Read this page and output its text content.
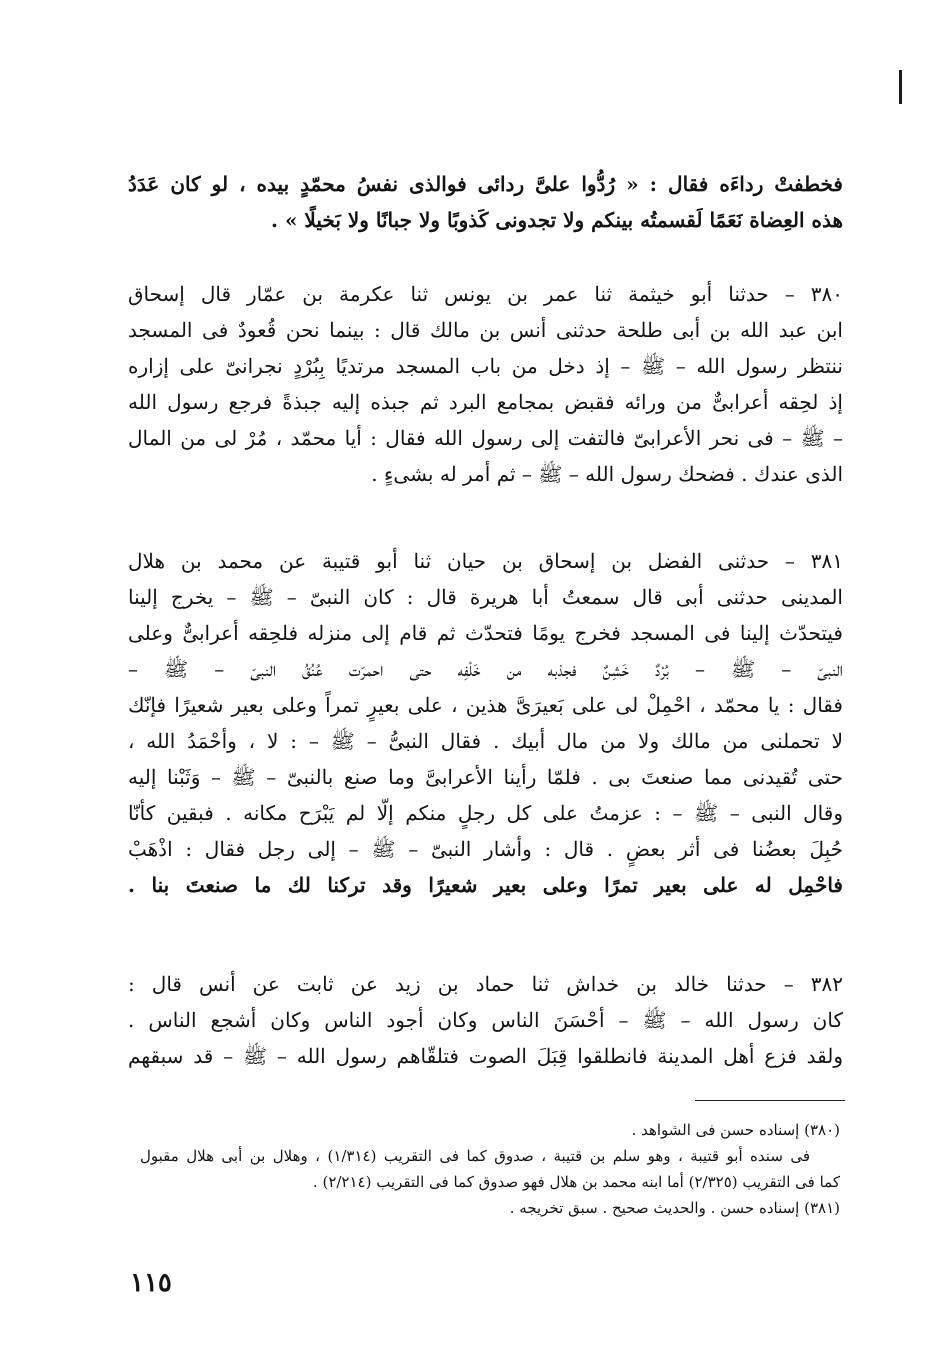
فخطفتْ رداءَه فقال : « رُدُّوا علىَّ ردائى فوالذى نفسُ محمّدٍ بيده ، لو كان عَدَدُ
هذه العِضاة نَعَمًا لَقسمتُه بينكم ولا تجدونى كَذوبًا ولا جبانًا ولا بَخيلًا » .
٣٨٠ – حدثنا أبو خيثمة ثنا عمر بن يونس ثنا عكرمة بن عمّار قال إسحاق
ابن عبد الله بن أبى طلحة حدثنى أنس بن مالك قال : بينما نحن قُعودٌ فى المسجد
ننتظر رسول الله – ﷺ – إذ دخل من باب المسجد مرتديًا بِبُرْدٍ نجرانىّ على إزاره
إذ لحِقه أعرابىٌّ من ورائه فقبض بمجامع البرد ثم جبذه إليه جبذةً فرجع رسول الله
– ﷺ – فى نحر الأعرابىّ فالتفت إلى رسول الله فقال : أيا محمّد ، مُرْ لى من المال
الذى عندك . فضحك رسول الله – ﷺ – ثم أمر له بشىءٍ .
٣٨١ – حدثنى الفضل بن إسحاق بن حيان ثنا أبو قتيبة عن محمد بن هلال
المدينى حدثنى أبى قال سمعتُ أبا هريرة قال : كان النبىّ – ﷺ – يخرج إلينا
فيتحدّث إلينا فى المسجد فخرج يومًا فتحدّث ثم قام إلى منزله فلحِقه أعرابىٌّ وعلى
النبىّ – ﷺ – بُرْدٌ خَشِنٌ فجذبه من خَلْفِه حتى احمرّت عُنُقُ النبىّ – ﷺ –
فقال : يا محمّد ، احْمِلْ لى على بَعيرَىَّ هذين ، على بعيرٍ تمراً وعلى بعير شعيرًا فإنّك
لا تحملنى من مالك ولا من مال أبيك . فقال النبىُّ – ﷺ – : لا ، وأحْمَدُ الله ،
حتى تُقيدنى مما صنعتَ بى . فلمّا رأينا الأعرابىَّ وما صنع بالنبىّ – ﷺ – وَثَبْنا إليه
وقال النبى – ﷺ – : عزمتُ على كل رجلٍ منكم إلّا لم يَبْرَح مكانه . فبقين كأنّا
حُبِلَ بعضُنا فى أثر بعضٍ . قال : وأشار النبىّ – ﷺ – إلى رجل فقال : اذْهَبْ
فاحْمِل له على بعير تمرًا وعلى بعير شعيرًا وقد تركنا لك ما صنعتَ بنا .
٣٨٢ – حدثنا خالد بن خداش ثنا حماد بن زيد عن ثابت عن أنس قال :
كان رسول الله – ﷺ – أحْسَنَ الناس وكان أجود الناس وكان أشجع الناس .
ولقد فزع أهل المدينة فانطلقوا قِبَلَ الصوت فتلقّاهم رسول الله – ﷺ – قد سبقهم
(٣٨٠) إسناده حسن فى الشواهد .
فى سنده أبو قتيبة ، وهو سلم بن قتيبة ، صدوق كما فى التقريب (١/٣١٤) ، وهلال بن أبى هلال مقبول
كما فى التقريب (٢/٣٢٥) أما ابنه محمد بن هلال فهو صدوق كما فى التقريب (٢/٢١٤) .
(٣٨١) إسناده حسن . والحديث صحيح . سبق تخريجه .
١١٥
